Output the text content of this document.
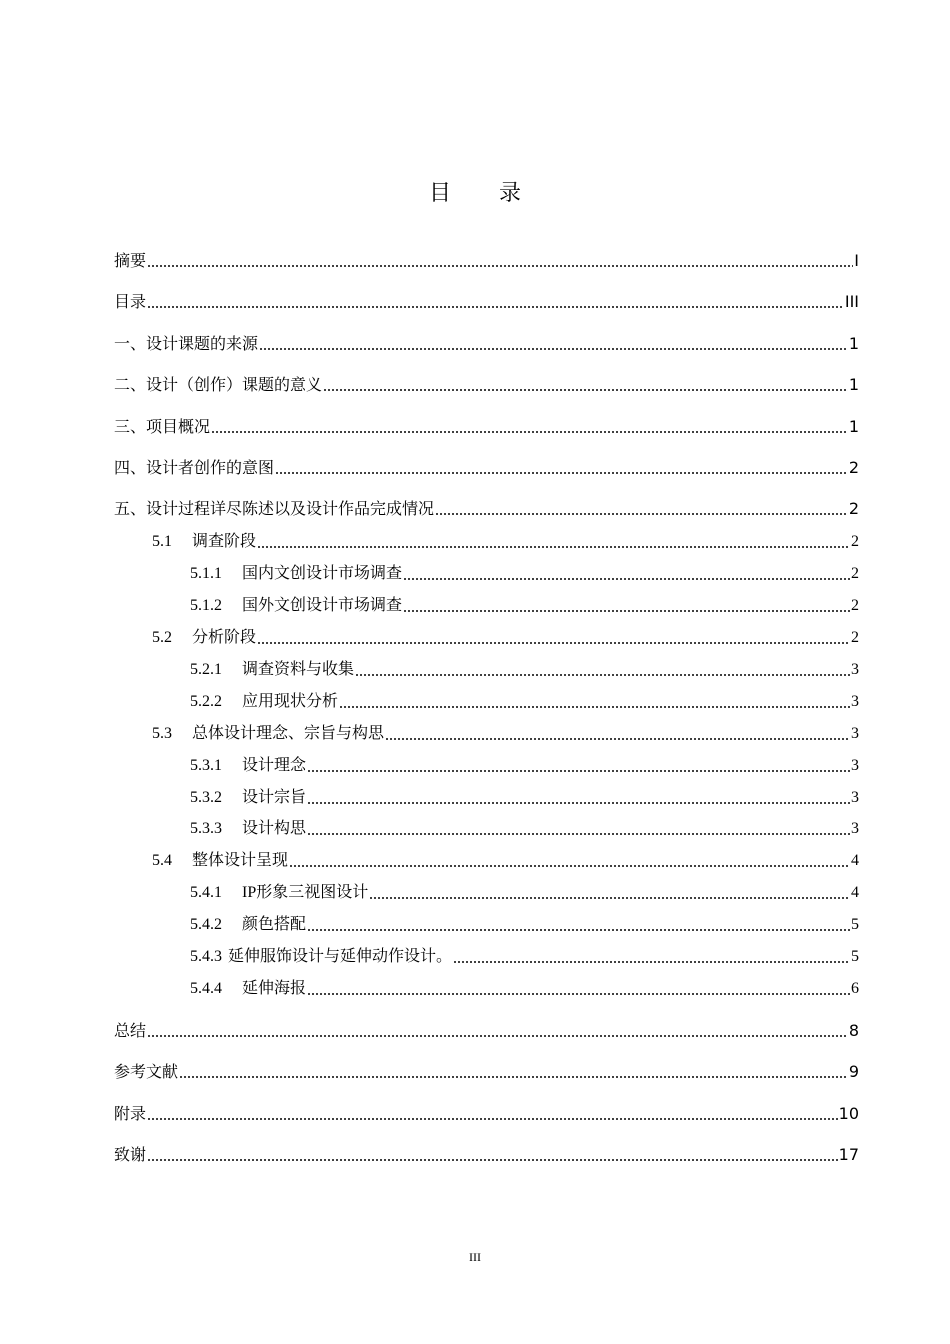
目录
摘要	I
目录	III
一、设计课题的来源	1
二、设计（创作）课题的意义	1
三、项目概况	1
四、设计者创作的意图	2
五、设计过程详尽陈述以及设计作品完成情况	2
5.1 调查阶段	2
5.1.1 国内文创设计市场调查	2
5.1.2 国外文创设计市场调查	2
5.2 分析阶段	2
5.2.1 调查资料与收集	3
5.2.2 应用现状分析	3
5.3 总体设计理念、宗旨与构思	3
5.3.1 设计理念	3
5.3.2 设计宗旨	3
5.3.3 设计构思	3
5.4 整体设计呈现	4
5.4.1 IP形象三视图设计	4
5.4.2 颜色搭配	5
5.4.3 延伸服饰设计与延伸动作设计。	5
5.4.4 延伸海报	6
总结	8
参考文献	9
附录	10
致谢	17
III
